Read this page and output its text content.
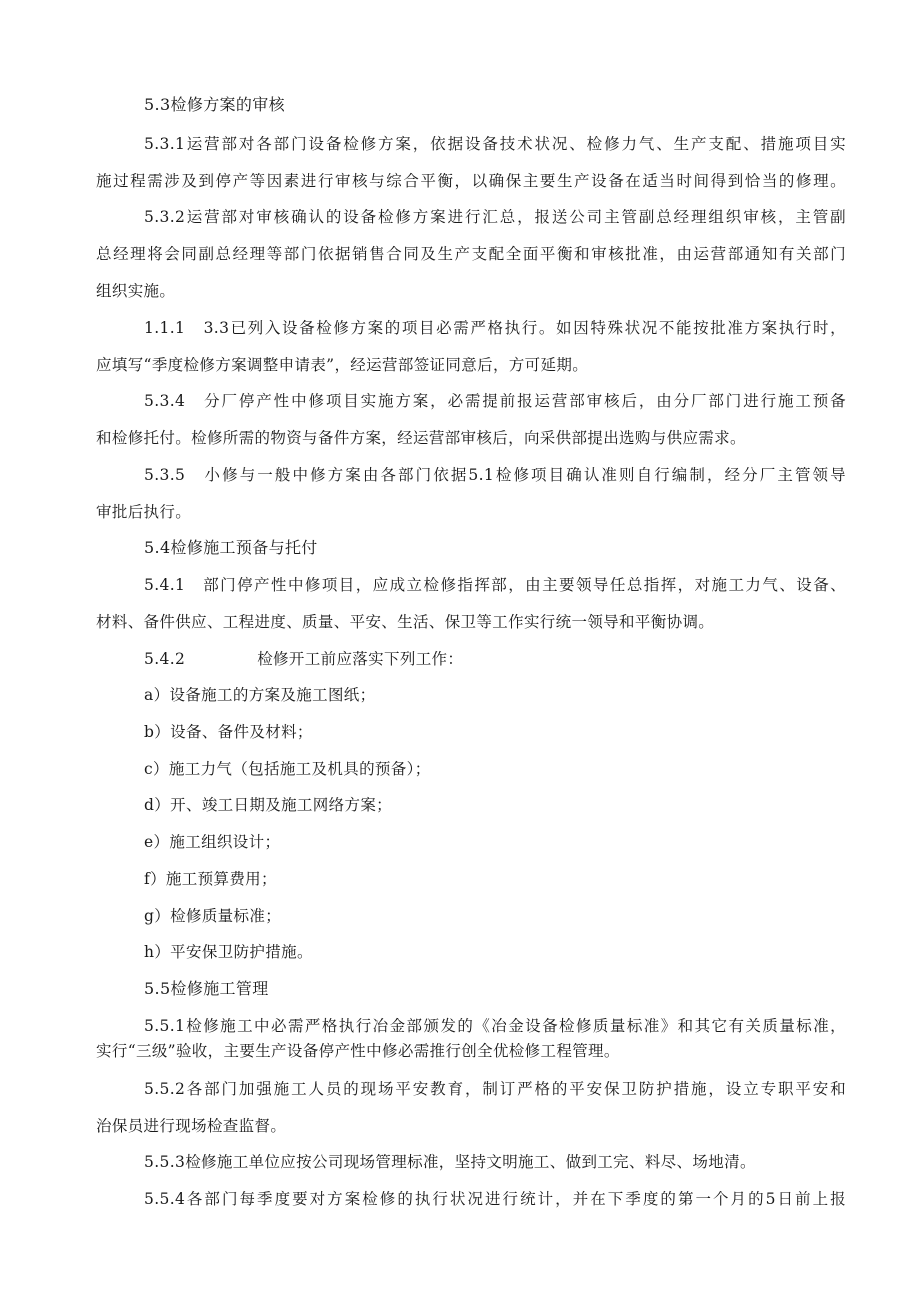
5.3检修方案的审核
5.3.1运营部对各部门设备检修方案，依据设备技术状况、检修力气、生产支配、措施项目实
施过程需涉及到停产等因素进行审核与综合平衡，以确保主要生产设备在适当时间得到恰当的修理。
5.3.2运营部对审核确认的设备检修方案进行汇总，报送公司主管副总经理组织审核，主管副
总经理将会同副总经理等部门依据销售合同及生产支配全面平衡和审核批准，由运营部通知有关部门
组织实施。
1.1.1　3.3已列入设备检修方案的项目必需严格执行。如因特殊状况不能按批准方案执行时，
应填写“季度检修方案调整申请表”，经运营部签证同意后，方可延期。
5.3.4　分厂停产性中修项目实施方案，必需提前报运营部审核后，由分厂部门进行施工预备
和检修托付。检修所需的物资与备件方案，经运营部审核后，向采供部提出选购与供应需求。
5.3.5　小修与一般中修方案由各部门依据5.1检修项目确认准则自行编制，经分厂主管领导
审批后执行。
5.4检修施工预备与托付
5.4.1　部门停产性中修项目，应成立检修指挥部，由主要领导任总指挥，对施工力气、设备、
材料、备件供应、工程进度、质量、平安、生活、保卫等工作实行统一领导和平衡协调。
5.4.2	检修开工前应落实下列工作：
a）设备施工的方案及施工图纸；
b）设备、备件及材料；
c）施工力气（包括施工及机具的预备）；
d）开、竣工日期及施工网络方案；
e）施工组织设计；
f）施工预算费用；
g）检修质量标准；
h）平安保卫防护措施。
5.5检修施工管理
5.5.1检修施工中必需严格执行冶金部颁发的《冶金设备检修质量标准》和其它有关质量标准，
实行“三级”验收，主要生产设备停产性中修必需推行创全优检修工程管理。
5.5.2各部门加强施工人员的现场平安教育，制订严格的平安保卫防护措施，设立专职平安和
治保员进行现场检查监督。
5.5.3检修施工单位应按公司现场管理标准，坚持文明施工、做到工完、料尽、场地清。
5.5.4各部门每季度要对方案检修的执行状况进行统计，并在下季度的第一个月的5日前上报
